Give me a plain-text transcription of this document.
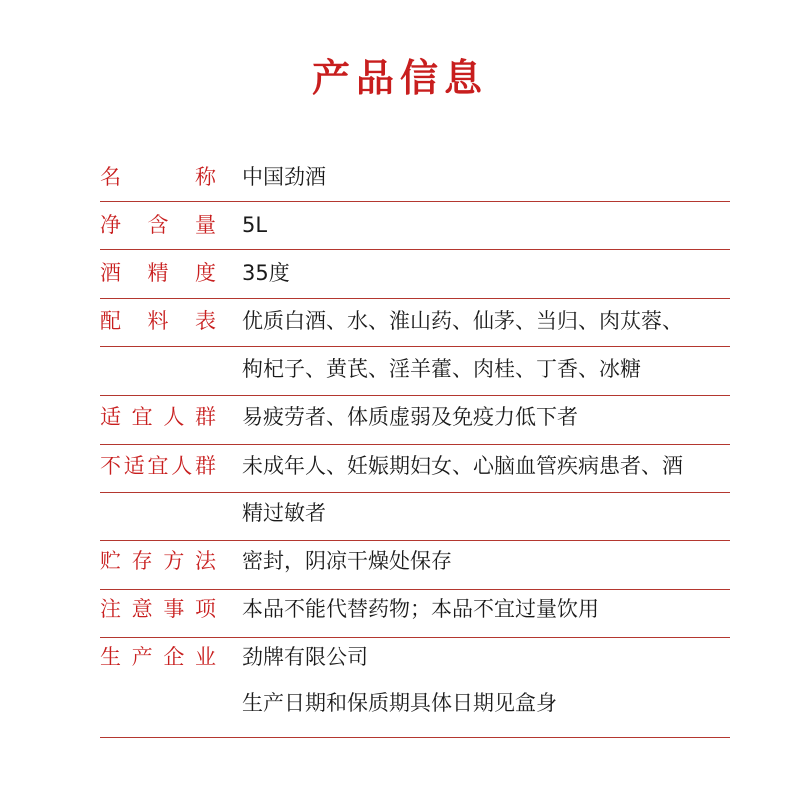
产品信息
名	称 中国劲酒
净 含 量 5L
酒 精 度 35度
配 料 表 优质白酒、水、淮山药、仙茅、当归、肉苁蓉、
枸杞子、黄芪、淫羊藿、肉桂、丁香、冰糖
适 宜 人 群 易疲劳者、体质虚弱及免疫力低下者
不 适 宜 人 群 未成年人、妊娠期妇女、心脑血管疾病患者、酒
精过敏者
贮 存 方 法 密封，阴凉干燥处保存
注 意 事 项 本品不能代替药物；本品不宜过量饮用
生 产 企 业 劲牌有限公司
生产日期和保质期具体日期见盒身
